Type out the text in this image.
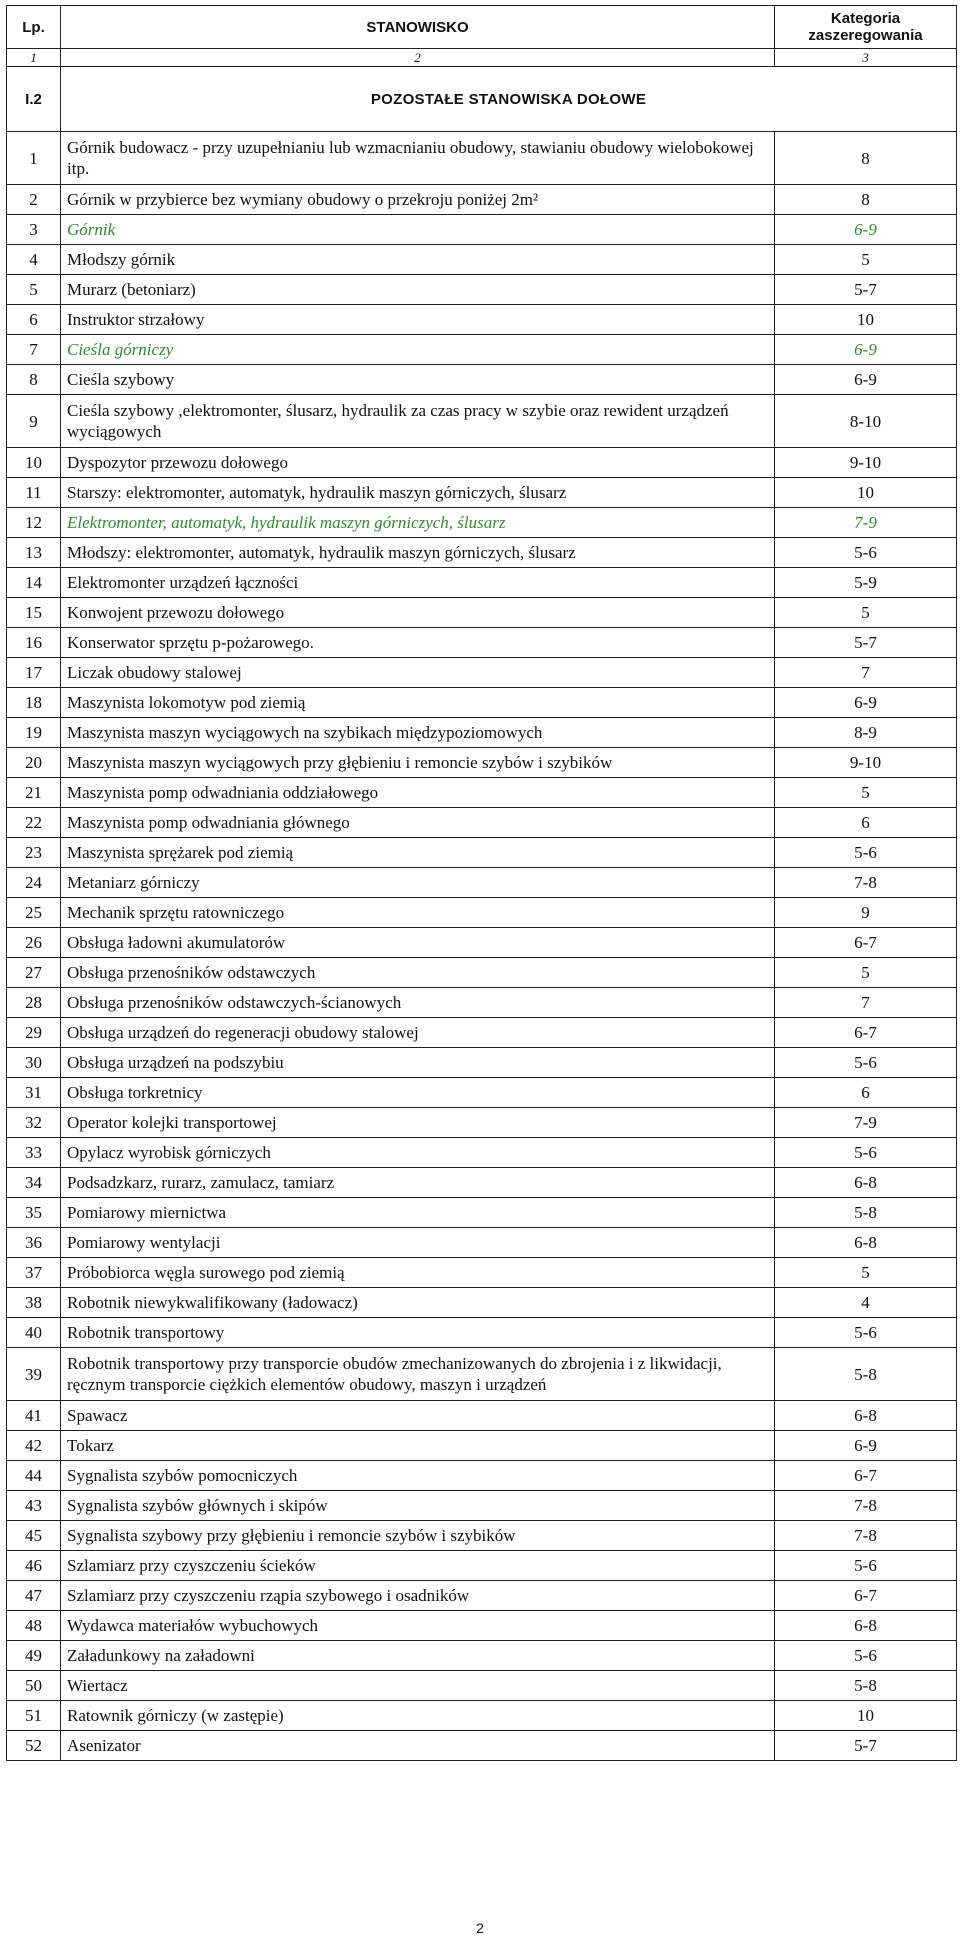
Lp.	STANOWISKO	Kategoria zaszeregowania
1	2	3
I.2	POZOSTAŁE STANOWISKA DOŁOWE	
1	Górnik budowacz - przy uzupełnianiu lub wzmacnianiu obudowy, stawianiu obudowy wielobokowej itp.	8
2	Górnik w przybierce bez wymiany obudowy o przekroju poniżej 2m²	8
3	Górnik	6-9
4	Młodszy górnik	5
5	Murarz (betoniarz)	5-7
6	Instruktor strzałowy	10
7	Cieśla górniczy	6-9
8	Cieśla szybowy	6-9
9	Cieśla szybowy ,elektromonter, ślusarz, hydraulik za czas pracy w szybie oraz rewident urządzeń wyciągowych	8-10
10	Dyspozytor przewozu dołowego	9-10
11	Starszy: elektromonter, automatyk, hydraulik maszyn górniczych, ślusarz	10
12	Elektromonter, automatyk, hydraulik maszyn górniczych, ślusarz	7-9
13	Młodszy: elektromonter, automatyk, hydraulik maszyn górniczych, ślusarz	5-6
14	Elektromonter urządzeń łączności	5-9
15	Konwojent przewozu dołowego	5
16	Konserwator sprzętu p-pożarowego.	5-7
17	Liczak obudowy stalowej	7
18	Maszynista lokomotyw pod ziemią	6-9
19	Maszynista maszyn wyciągowych na szybikach międzypoziomowych	8-9
20	Maszynista maszyn wyciągowych przy głębieniu i remoncie szybów i szybików	9-10
21	Maszynista pomp odwadniania oddziałowego	5
22	Maszynista pomp odwadniania głównego	6
23	Maszynista sprężarek pod ziemią	5-6
24	Metaniarz górniczy	7-8
25	Mechanik sprzętu ratowniczego	9
26	Obsługa ładowni akumulatorów	6-7
27	Obsługa przenośników odstawczych	5
28	Obsługa przenośników odstawczych-ścianowych	7
29	Obsługa urządzeń do regeneracji obudowy stalowej	6-7
30	Obsługa urządzeń na podszybiu	5-6
31	Obsługa torkretnicy	6
32	Operator kolejki transportowej	7-9
33	Opylacz wyrobisk górniczych	5-6
34	Podsadzkarz, rurarz, zamulacz, tamiarz	6-8
35	Pomiarowy miernictwa	5-8
36	Pomiarowy wentylacji	6-8
37	Próbobiorca węgla surowego pod ziemią	5
38	Robotnik niewykwalifikowany (ładowacz)	4
40	Robotnik transportowy	5-6
39	Robotnik transportowy przy transporcie obudów zmechanizowanych do zbrojenia i z likwidacji, ręcznym transporcie ciężkich elementów obudowy, maszyn i urządzeń	5-8
41	Spawacz	6-8
42	Tokarz	6-9
44	Sygnalista szybów pomocniczych	6-7
43	Sygnalista szybów głównych i skipów	7-8
45	Sygnalista szybowy przy głębieniu i remoncie szybów i szybików	7-8
46	Szlamiarz przy czyszczeniu ścieków	5-6
47	Szlamiarz przy czyszczeniu rząpia szybowego i osadników	6-7
48	Wydawca materiałów wybuchowych	6-8
49	Załadunkowy na załadowni	5-6
50	Wiertacz	5-8
51	Ratownik górniczy (w zastępie)	10
52	Asenizator	5-7
2
